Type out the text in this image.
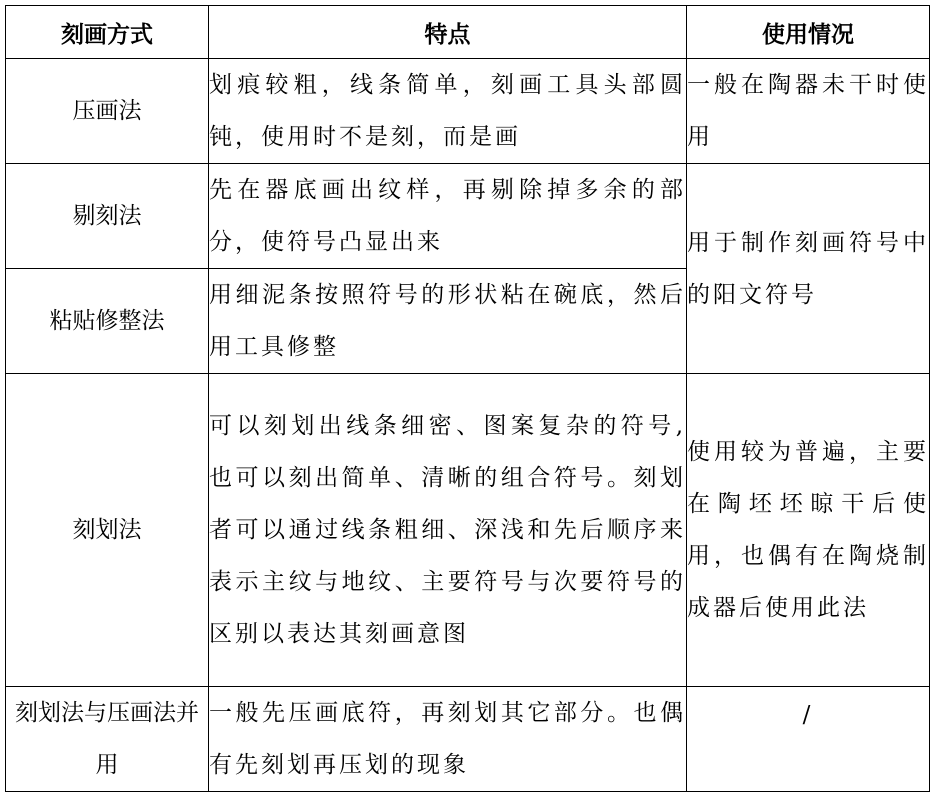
刻画方式	特点	使用情况
压画法	划痕较粗，线条简单，刻画工具头部圆钝，使用时不是刻，而是画	一般在陶器未干时使用
剔刻法	先在器底画出纹样，再剔除掉多余的部分，使符号凸显出来	用于制作刻画符号中的阳文符号
粘贴修整法	用细泥条按照符号的形状粘在碗底，然后用工具修整	
刻划法	可以刻划出线条细密、图案复杂的符号,也可以刻出简单、清晰的组合符号。刻划者可以通过线条粗细、深浅和先后顺序来表示主纹与地纹、主要符号与次要符号的区别以表达其刻画意图	使用较为普遍，主要在陶坯坯晾干后使用，也偶有在陶烧制成器后使用此法
刻划法与压画法并用	一般先压画底符，再刻划其它部分。也偶有先刻划再压划的现象	/
